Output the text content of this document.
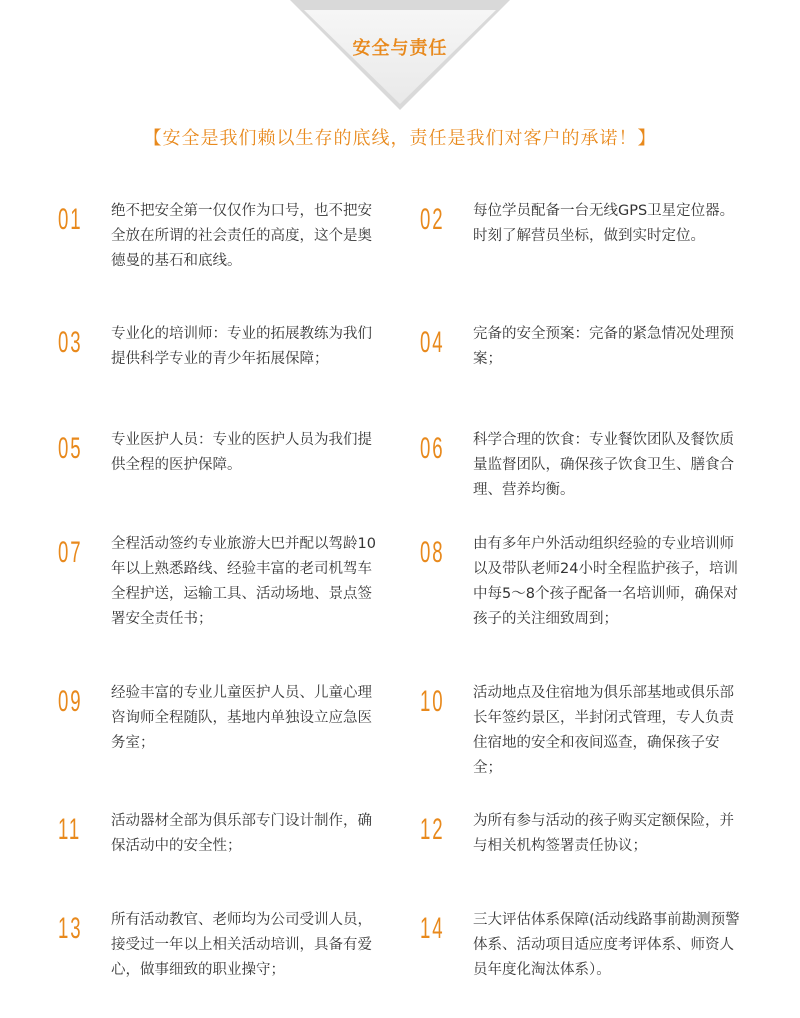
安全与责任
【安全是我们赖以生存的底线，责任是我们对客户的承诺！】
01 绝不把安全第一仅仅作为口号，也不把安全放在所谓的社会责任的高度，这个是奥德曼的基石和底线。
03 专业化的培训师：专业的拓展教练为我们提供科学专业的青少年拓展保障；
05 专业医护人员：专业的医护人员为我们提供全程的医护保障。
07 全程活动签约专业旅游大巴并配以驾龄10年以上熟悉路线、经验丰富的老司机驾车全程护送，运输工具、活动场地、景点签署安全责任书；
09 经验丰富的专业儿童医护人员、儿童心理咨询师全程随队，基地内单独设立应急医务室；
11 活动器材全部为俱乐部专门设计制作，确保活动中的安全性；
13 所有活动教官、老师均为公司受训人员，接受过一年以上相关活动培训，具备有爱心，做事细致的职业操守；
02 每位学员配备一台无线GPS卫星定位器。时刻了解营员坐标，做到实时定位。
04 完备的安全预案：完备的紧急情况处理预案；
06 科学合理的饮食：专业餐饮团队及餐饮质量监督团队，确保孩子饮食卫生、膳食合理、营养均衡。
08 由有多年户外活动组织经验的专业培训师以及带队老师24小时全程监护孩子，培训中每5～8个孩子配备一名培训师，确保对孩子的关注细致周到；
10 活动地点及住宿地为俱乐部基地或俱乐部长年签约景区，半封闭式管理，专人负责住宿地的安全和夜间巡查，确保孩子安全；
12 为所有参与活动的孩子购买定额保险，并与相关机构签署责任协议；
14 三大评估体系保障(活动线路事前勘测预警体系、活动项目适应度考评体系、师资人员年度化淘汰体系）。
